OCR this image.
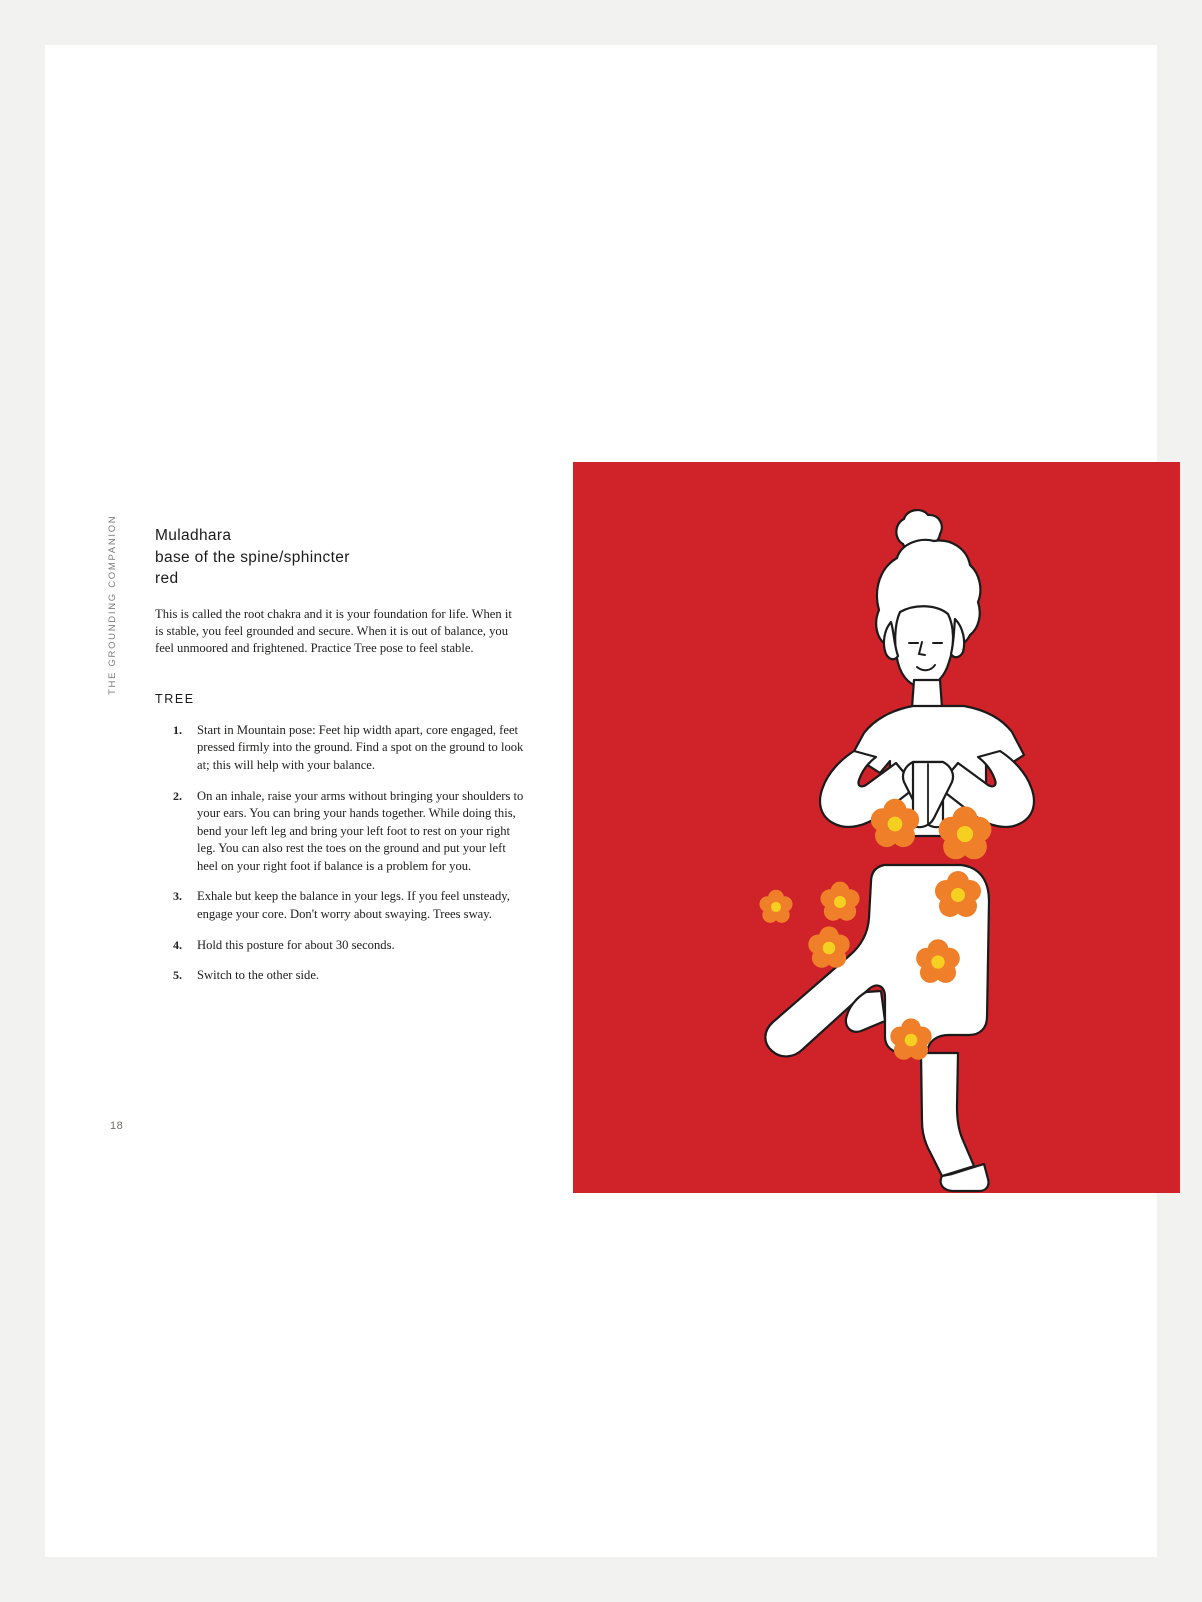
THE GROUNDING COMPANION
18
Muladhara
base of the spine/sphincter
red

This is called the root chakra and it is your foundation for life. When it is stable, you feel grounded and secure. When it is out of balance, you feel unmoored and frightened. Practice Tree pose to feel stable.

TREE
1. Start in Mountain pose: Feet hip width apart, core engaged, feet pressed firmly into the ground. Find a spot on the ground to look at; this will help with your balance.
2. On an inhale, raise your arms without bringing your shoulders to your ears. You can bring your hands together. While doing this, bend your left leg and bring your left foot to rest on your right leg. You can also rest the toes on the ground and put your left heel on your right foot if balance is a problem for you.
3. Exhale but keep the balance in your legs. If you feel unsteady, engage your core. Don't worry about swaying. Trees sway.
4. Hold this posture for about 30 seconds.
5. Switch to the other side.
